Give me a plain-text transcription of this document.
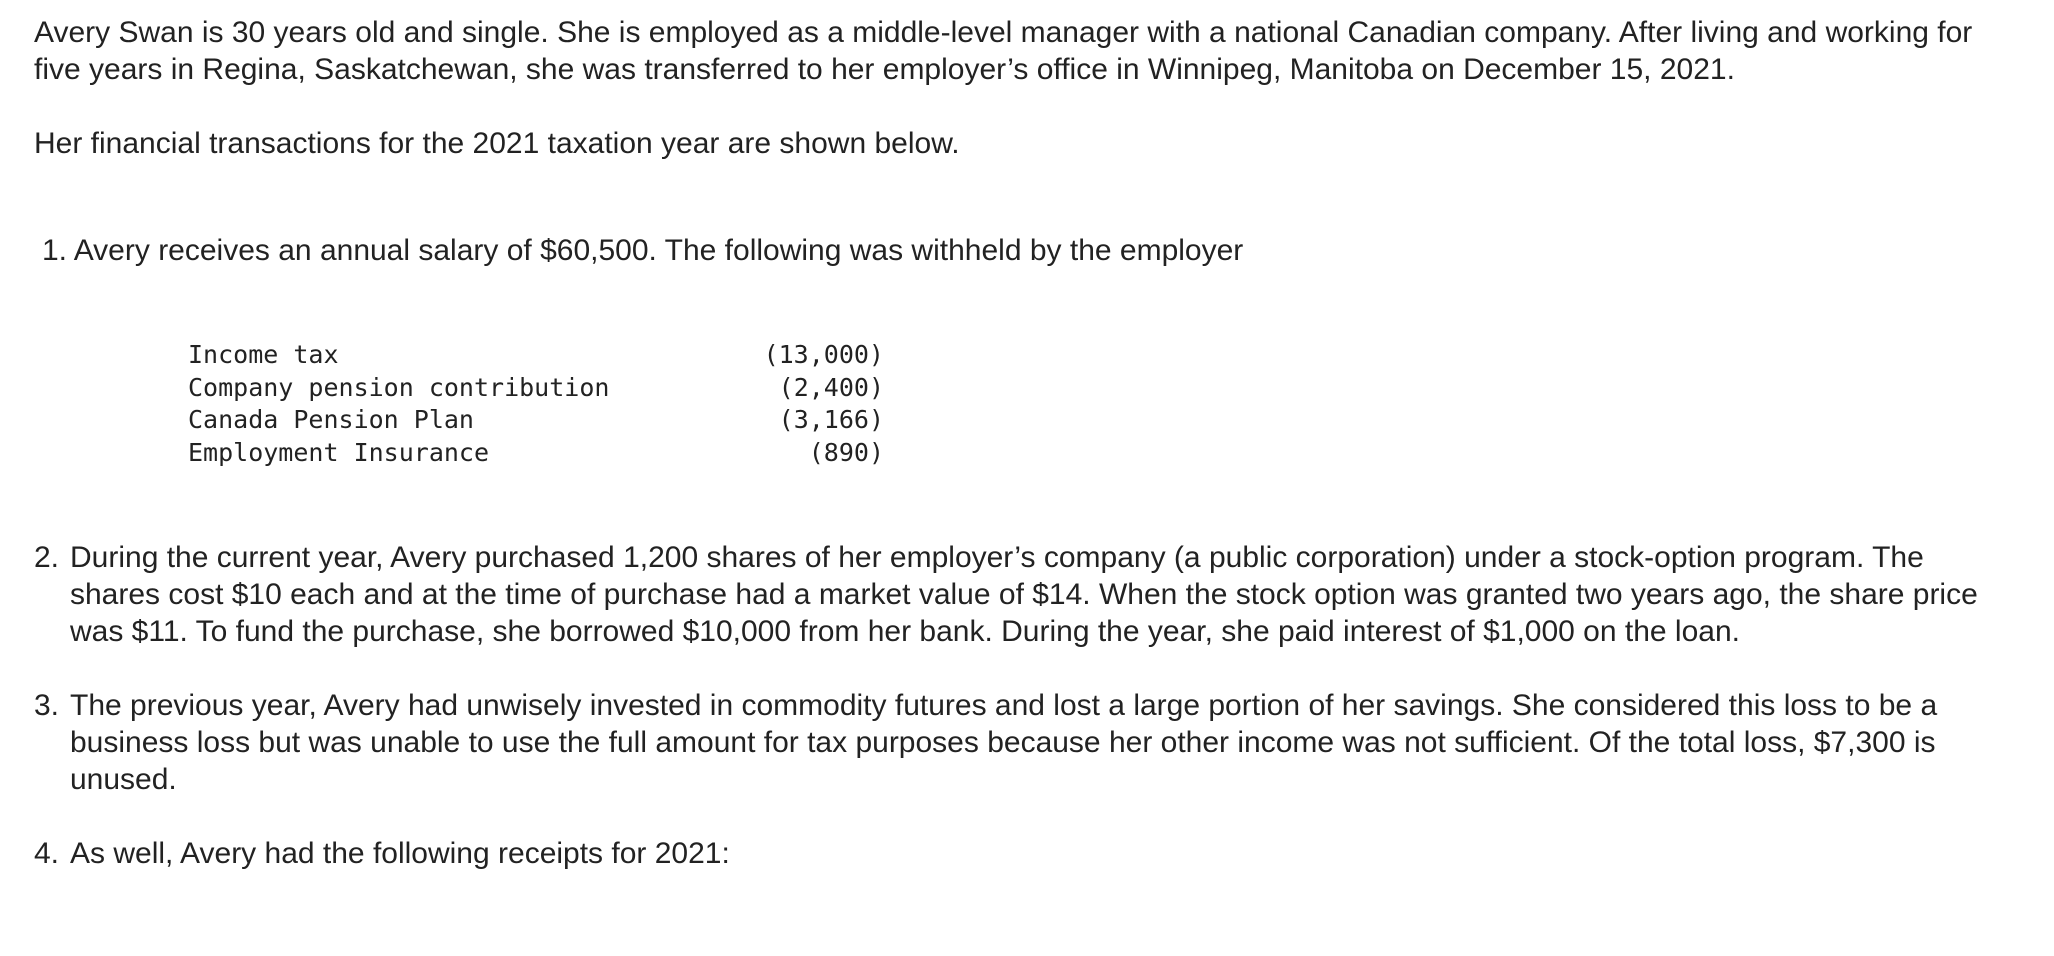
Avery Swan is 30 years old and single. She is employed as a middle-level manager with a national Canadian company. After living and working for five years in Regina, Saskatchewan, she was transferred to her employer’s office in Winnipeg, Manitoba on December 15, 2021.

Her financial transactions for the 2021 taxation year are shown below.

1. Avery receives an annual salary of $60,500. The following was withheld by the employer
Income tax	(13,000)
Company pension contribution	(2,400)
Canada Pension Plan	(3,166)
Employment Insurance	(890)
2. During the current year, Avery purchased 1,200 shares of her employer’s company (a public corporation) under a stock-option program. The shares cost $10 each and at the time of purchase had a market value of $14. When the stock option was granted two years ago, the share price was $11. To fund the purchase, she borrowed $10,000 from her bank. During the year, she paid interest of $1,000 on the loan.
3. The previous year, Avery had unwisely invested in commodity futures and lost a large portion of her savings. She considered this loss to be a business loss but was unable to use the full amount for tax purposes because her other income was not sufficient. Of the total loss, $7,300 is unused.
4. As well, Avery had the following receipts for 2021:
